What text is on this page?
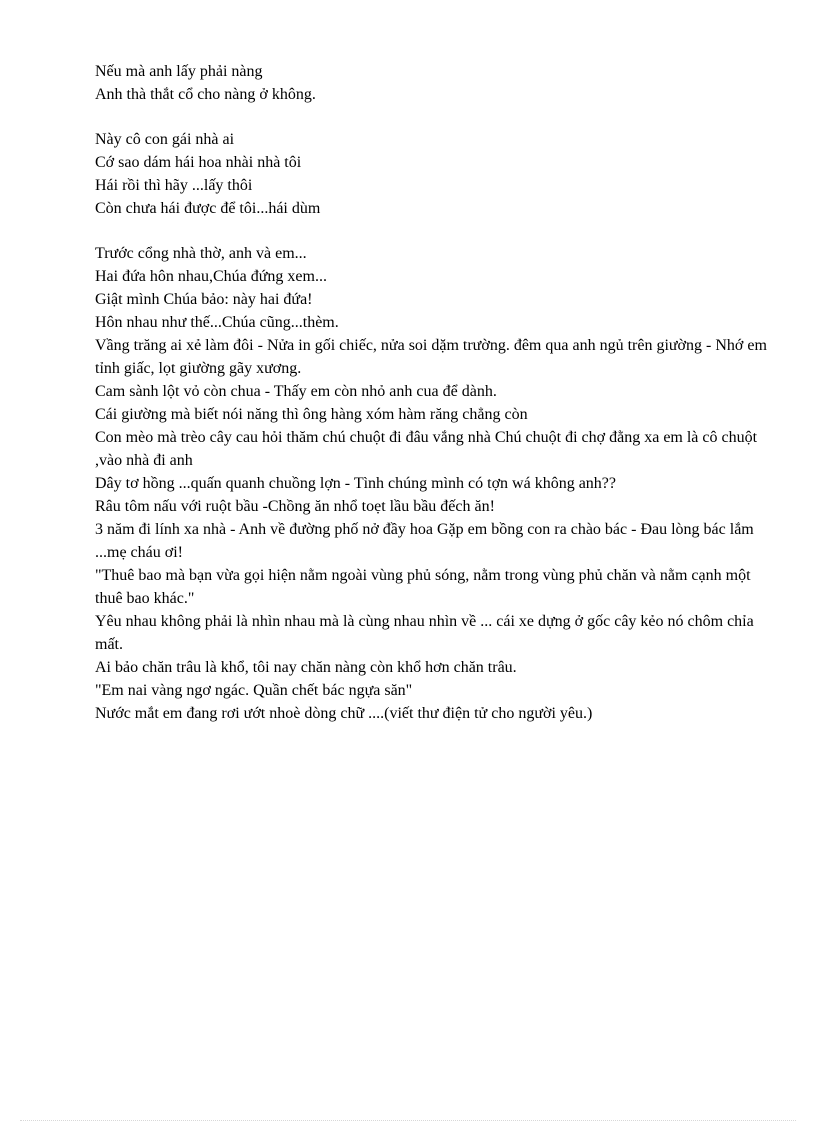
Nếu mà anh lấy phải nàng
Anh thà thắt cổ cho nàng ở không.
Này cô con gái nhà ai
Cớ sao dám hái hoa nhài nhà tôi
Hái rồi thì hãy ...lấy thôi
Còn chưa hái được để tôi...hái dùm
Trước cổng nhà thờ, anh và em...
Hai đứa hôn nhau,Chúa đứng xem...
Giật mình Chúa bảo: này hai đứa!
Hôn nhau như thế...Chúa cũng...thèm.

Vầng trăng ai xẻ làm đôi - Nửa in gối chiếc, nửa soi dặm trường. đêm qua anh ngủ trên giường - Nhớ em tỉnh giấc, lọt giường gãy xương.

Cam sành lột vỏ còn chua - Thấy em còn nhỏ anh cua để dành.

Cái giường mà biết nói năng thì ông hàng xóm hàm răng chẳng còn

Con mèo mà trèo cây cau hỏi thăm chú chuột đi đâu vắng nhà Chú chuột đi chợ đằng xa em là cô chuột ,vào nhà đi anh

Dây tơ hồng ...quấn quanh chuồng lợn - Tình chúng mình có tợn wá không anh??

Râu tôm nấu với ruột bầu -Chồng ăn nhổ toẹt lầu bầu đếch ăn!

3 năm đi lính xa nhà - Anh về đường phố nở đầy hoa Gặp em bồng con ra chào bác - Đau lòng bác lắm ...mẹ cháu ơi!

"Thuê bao mà bạn vừa gọi hiện nằm ngoài vùng phủ sóng, nằm trong vùng phủ chăn và nằm cạnh một thuê bao khác."

Yêu nhau không phải là nhìn nhau mà là cùng nhau nhìn về ... cái xe dựng ở gốc cây kẻo nó chôm chỉa mất.

Ai bảo chăn trâu là khổ, tôi nay chăn nàng còn khổ hơn chăn trâu.

"Em nai vàng ngơ ngác. Quần chết bác ngựa săn"

Nước mắt em đang rơi ướt nhoè dòng chữ ....(viết thư điện tử cho người yêu.)
